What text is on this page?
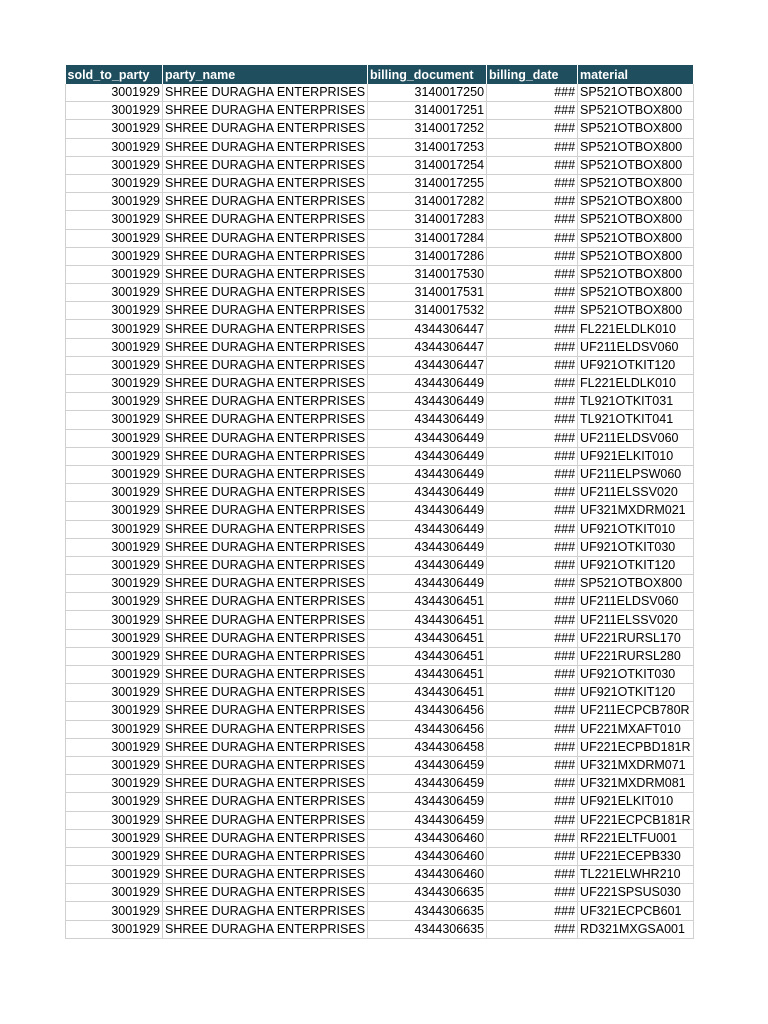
sold_to_party	party_name	billing_document	billing_date	material
3001929	SHREE DURAGHA ENTERPRISES	3140017250	###	SP521OTBOX800
3001929	SHREE DURAGHA ENTERPRISES	3140017251	###	SP521OTBOX800
3001929	SHREE DURAGHA ENTERPRISES	3140017252	###	SP521OTBOX800
3001929	SHREE DURAGHA ENTERPRISES	3140017253	###	SP521OTBOX800
3001929	SHREE DURAGHA ENTERPRISES	3140017254	###	SP521OTBOX800
3001929	SHREE DURAGHA ENTERPRISES	3140017255	###	SP521OTBOX800
3001929	SHREE DURAGHA ENTERPRISES	3140017282	###	SP521OTBOX800
3001929	SHREE DURAGHA ENTERPRISES	3140017283	###	SP521OTBOX800
3001929	SHREE DURAGHA ENTERPRISES	3140017284	###	SP521OTBOX800
3001929	SHREE DURAGHA ENTERPRISES	3140017286	###	SP521OTBOX800
3001929	SHREE DURAGHA ENTERPRISES	3140017530	###	SP521OTBOX800
3001929	SHREE DURAGHA ENTERPRISES	3140017531	###	SP521OTBOX800
3001929	SHREE DURAGHA ENTERPRISES	3140017532	###	SP521OTBOX800
3001929	SHREE DURAGHA ENTERPRISES	4344306447	###	FL221ELDLK010
3001929	SHREE DURAGHA ENTERPRISES	4344306447	###	UF211ELDSV060
3001929	SHREE DURAGHA ENTERPRISES	4344306447	###	UF921OTKIT120
3001929	SHREE DURAGHA ENTERPRISES	4344306449	###	FL221ELDLK010
3001929	SHREE DURAGHA ENTERPRISES	4344306449	###	TL921OTKIT031
3001929	SHREE DURAGHA ENTERPRISES	4344306449	###	TL921OTKIT041
3001929	SHREE DURAGHA ENTERPRISES	4344306449	###	UF211ELDSV060
3001929	SHREE DURAGHA ENTERPRISES	4344306449	###	UF921ELKIT010
3001929	SHREE DURAGHA ENTERPRISES	4344306449	###	UF211ELPSW060
3001929	SHREE DURAGHA ENTERPRISES	4344306449	###	UF211ELSSV020
3001929	SHREE DURAGHA ENTERPRISES	4344306449	###	UF321MXDRM021
3001929	SHREE DURAGHA ENTERPRISES	4344306449	###	UF921OTKIT010
3001929	SHREE DURAGHA ENTERPRISES	4344306449	###	UF921OTKIT030
3001929	SHREE DURAGHA ENTERPRISES	4344306449	###	UF921OTKIT120
3001929	SHREE DURAGHA ENTERPRISES	4344306449	###	SP521OTBOX800
3001929	SHREE DURAGHA ENTERPRISES	4344306451	###	UF211ELDSV060
3001929	SHREE DURAGHA ENTERPRISES	4344306451	###	UF211ELSSV020
3001929	SHREE DURAGHA ENTERPRISES	4344306451	###	UF221RURSL170
3001929	SHREE DURAGHA ENTERPRISES	4344306451	###	UF221RURSL280
3001929	SHREE DURAGHA ENTERPRISES	4344306451	###	UF921OTKIT030
3001929	SHREE DURAGHA ENTERPRISES	4344306451	###	UF921OTKIT120
3001929	SHREE DURAGHA ENTERPRISES	4344306456	###	UF211ECPCB780R
3001929	SHREE DURAGHA ENTERPRISES	4344306456	###	UF221MXAFT010
3001929	SHREE DURAGHA ENTERPRISES	4344306458	###	UF221ECPBD181R
3001929	SHREE DURAGHA ENTERPRISES	4344306459	###	UF321MXDRM071
3001929	SHREE DURAGHA ENTERPRISES	4344306459	###	UF321MXDRM081
3001929	SHREE DURAGHA ENTERPRISES	4344306459	###	UF921ELKIT010
3001929	SHREE DURAGHA ENTERPRISES	4344306459	###	UF221ECPCB181R
3001929	SHREE DURAGHA ENTERPRISES	4344306460	###	RF221ELTFU001
3001929	SHREE DURAGHA ENTERPRISES	4344306460	###	UF221ECEPB330
3001929	SHREE DURAGHA ENTERPRISES	4344306460	###	TL221ELWHR210
3001929	SHREE DURAGHA ENTERPRISES	4344306635	###	UF221SPSUS030
3001929	SHREE DURAGHA ENTERPRISES	4344306635	###	UF321ECPCB601
3001929	SHREE DURAGHA ENTERPRISES	4344306635	###	RD321MXGSA001
